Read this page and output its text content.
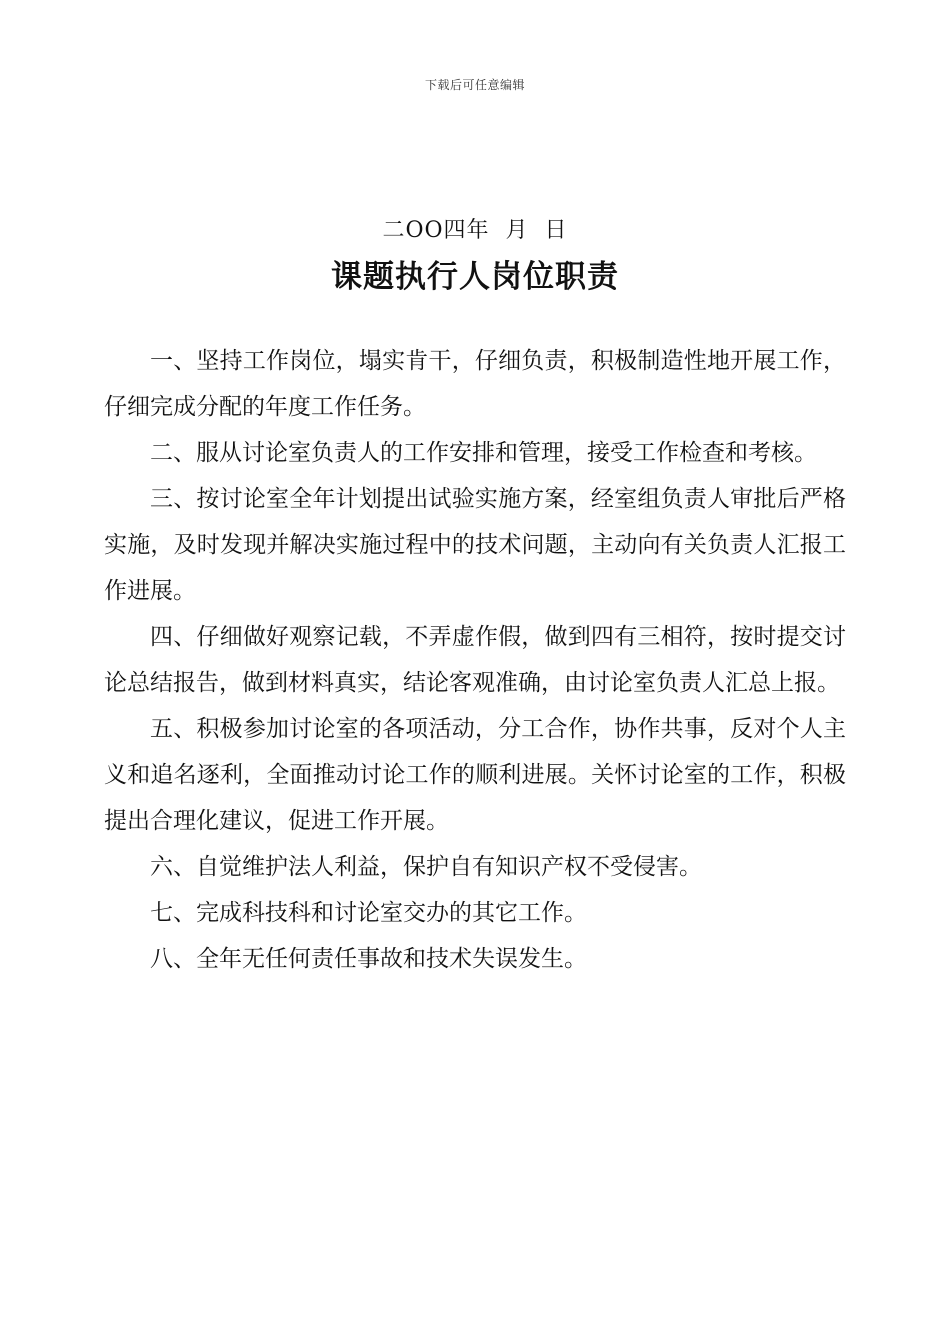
下载后可任意编辑
二OO四年  月  日
课题执行人岗位职责

一、坚持工作岗位，塌实肯干，仔细负责，积极制造性地开展工作，仔细完成分配的年度工作任务。

二、服从讨论室负责人的工作安排和管理，接受工作检查和考核。

三、按讨论室全年计划提出试验实施方案，经室组负责人审批后严格实施，及时发现并解决实施过程中的技术问题，主动向有关负责人汇报工作进展。

四、仔细做好观察记载，不弄虚作假，做到四有三相符，按时提交讨论总结报告，做到材料真实，结论客观准确，由讨论室负责人汇总上报。

五、积极参加讨论室的各项活动，分工合作，协作共事，反对个人主义和追名逐利，全面推动讨论工作的顺利进展。关怀讨论室的工作，积极提出合理化建议，促进工作开展。

六、自觉维护法人利益，保护自有知识产权不受侵害。

七、完成科技科和讨论室交办的其它工作。

八、全年无任何责任事故和技术失误发生。
